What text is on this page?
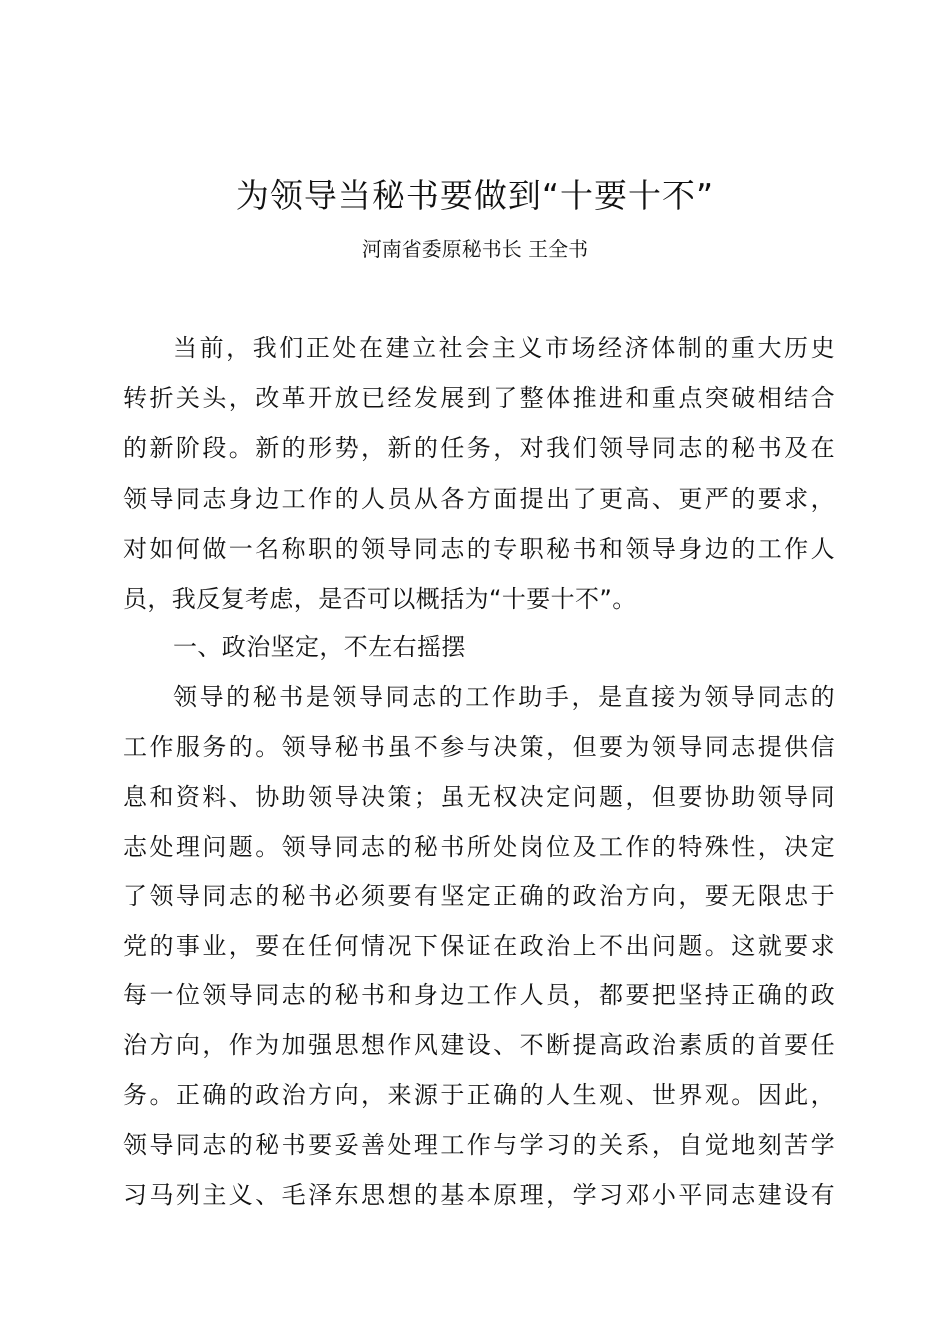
为领导当秘书要做到“十要十不”
河南省委原秘书长 王全书
当前，我们正处在建立社会主义市场经济体制的重大历史
转折关头，改革开放已经发展到了整体推进和重点突破相结合
的新阶段。新的形势，新的任务，对我们领导同志的秘书及在
领导同志身边工作的人员从各方面提出了更高、更严的要求，
对如何做一名称职的领导同志的专职秘书和领导身边的工作人
员，我反复考虑，是否可以概括为“十要十不”。
一、政治坚定，不左右摇摆
领导的秘书是领导同志的工作助手，是直接为领导同志的
工作服务的。领导秘书虽不参与决策，但要为领导同志提供信
息和资料、协助领导决策；虽无权决定问题，但要协助领导同
志处理问题。领导同志的秘书所处岗位及工作的特殊性，决定
了领导同志的秘书必须要有坚定正确的政治方向，要无限忠于
党的事业，要在任何情况下保证在政治上不出问题。这就要求
每一位领导同志的秘书和身边工作人员，都要把坚持正确的政
治方向，作为加强思想作风建设、不断提高政治素质的首要任
务。正确的政治方向，来源于正确的人生观、世界观。因此，
领导同志的秘书要妥善处理工作与学习的关系，自觉地刻苦学
习马列主义、毛泽东思想的基本原理，学习邓小平同志建设有
